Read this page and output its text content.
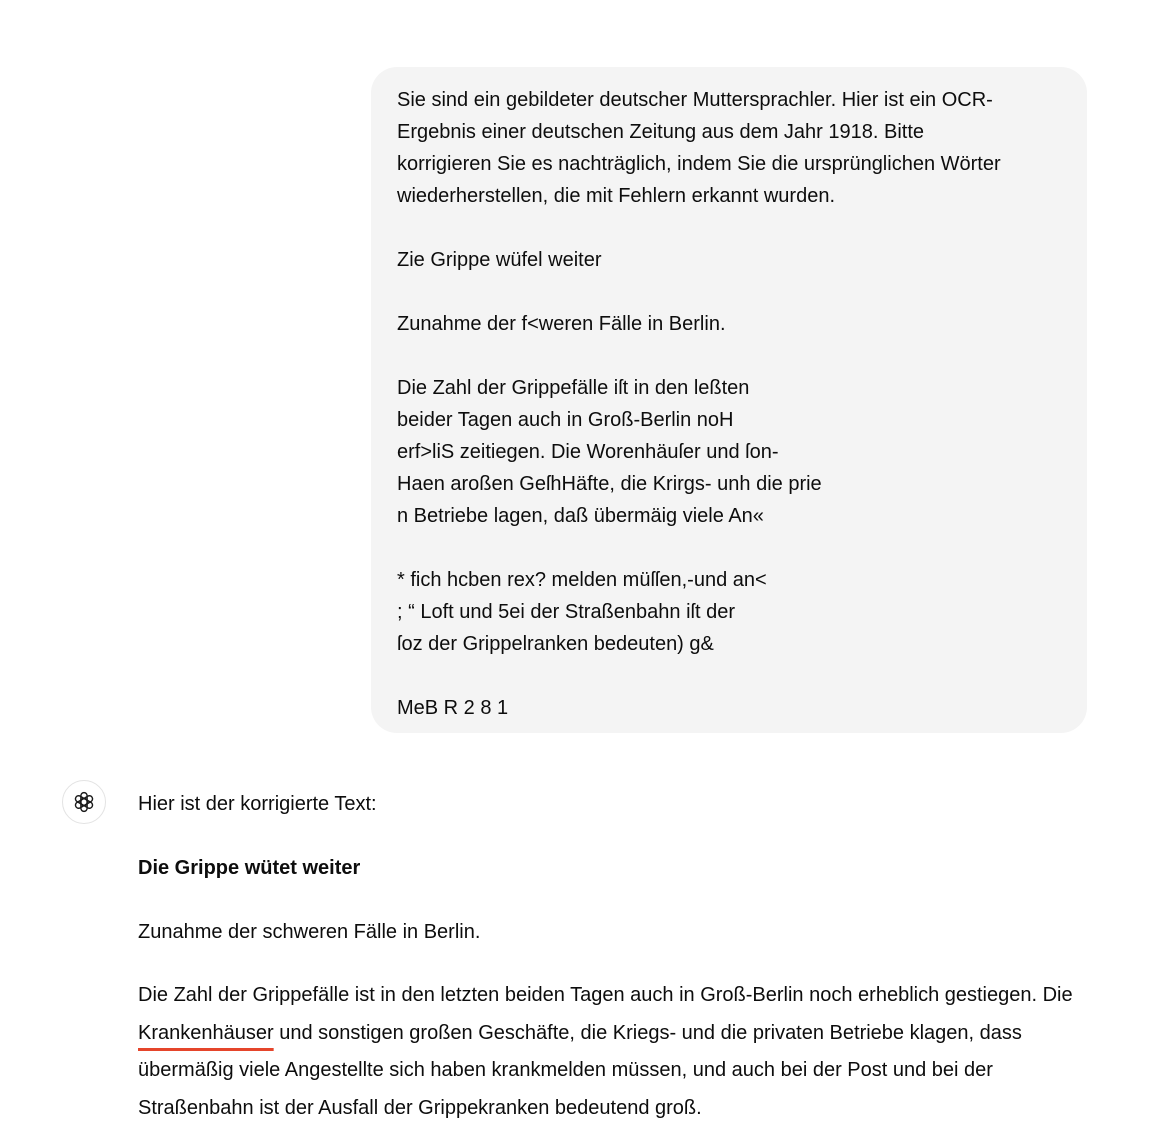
Sie sind ein gebildeter deutscher Muttersprachler. Hier ist ein OCR-
Ergebnis einer deutschen Zeitung aus dem Jahr 1918. Bitte
korrigieren Sie es nachträglich, indem Sie die ursprünglichen Wörter
wiederherstellen, die mit Fehlern erkannt wurden.

Zie Grippe wüfel weiter

Zunahme der f<weren Fälle in Berlin.

Die Zahl der Grippefälle iſt in den leßten
beider Tagen auch in Groß-Berlin noH
erf>liS zeitiegen. Die Worenhäuſer und ſon-
Haen aroßen GeſhHäfte, die Krirgs- unh die prie
n Betriebe lagen, daß übermäig viele An«

* fich hcben rex? melden müſſen,-und an<
; “ Loft und 5ei der Straßenbahn iſt der
ſoz der Grippelranken bedeuten) g&

MeB R 2 8 1

Hier ist der korrigierte Text:

Die Grippe wütet weiter

Zunahme der schweren Fälle in Berlin.

Die Zahl der Grippefälle ist in den letzten beiden Tagen auch in Groß-Berlin noch erheblich gestiegen. Die Krankenhäuser und sonstigen großen Geschäfte, die Kriegs- und die privaten Betriebe klagen, dass übermäßig viele Angestellte sich haben krankmelden müssen, und auch bei der Post und bei der Straßenbahn ist der Ausfall der Grippekranken bedeutend groß.
